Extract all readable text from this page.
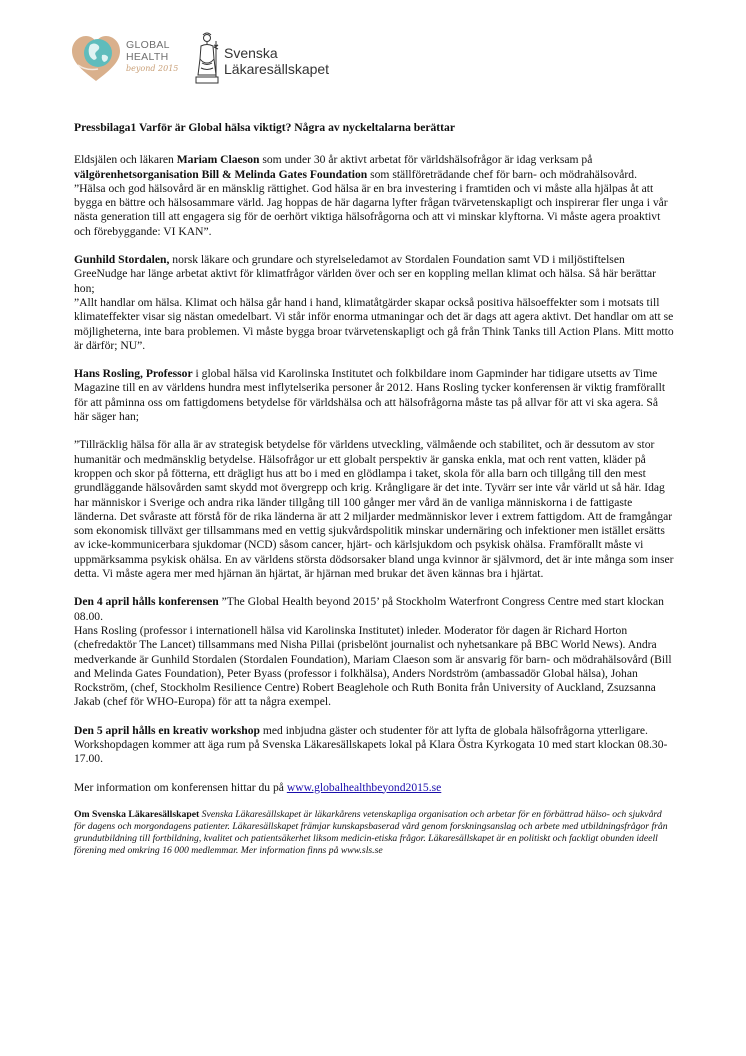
GLOBAL
HEALTH
beyond 2015
Svenska
Läkaresällskapet

Pressbilaga1 Varför är Global hälsa viktigt? Några av nyckeltalarna berättar

Eldsjälen och läkaren Mariam Claeson som under 30 år aktivt arbetat för världshälsofrågor är idag verksam på välgörenhetsorganisation Bill & Melinda Gates Foundation som ställföreträdande chef för barn- och mödrahälsovård.

”Hälsa och god hälsovård är en mänsklig rättighet. God hälsa är en bra investering i framtiden och vi måste alla hjälpas åt att bygga en bättre och hälsosammare värld. Jag hoppas de här dagarna lyfter frågan tvärvetenskapligt och inspirerar fler unga i vår nästa generation till att engagera sig för de oerhört viktiga hälsofrågorna och att vi minskar klyftorna. Vi måste agera proaktivt och förebyggande: VI KAN”.

Gunhild Stordalen, norsk läkare och grundare och styrelseledamot av Stordalen Foundation samt VD i miljöstiftelsen GreeNudge har länge arbetat aktivt för klimatfrågor världen över och ser en koppling mellan klimat och hälsa. Så här berättar hon;

”Allt handlar om hälsa. Klimat och hälsa går hand i hand, klimatåtgärder skapar också positiva hälsoeffekter som i motsats till klimateffekter visar sig nästan omedelbart. Vi står inför enorma utmaningar och det är dags att agera aktivt. Det handlar om att se möjligheterna, inte bara problemen. Vi måste bygga broar tvärvetenskapligt och gå från Think Tanks till Action Plans. Mitt motto är därför; NU”.

Hans Rosling, Professor i global hälsa vid Karolinska Institutet och folkbildare inom Gapminder har tidigare utsetts av Time Magazine till en av världens hundra mest inflytelserika personer år 2012. Hans Rosling tycker konferensen är viktig framförallt för att påminna oss om fattigdomens betydelse för världshälsa och att hälsofrågorna måste tas på allvar för att vi ska agera. Så här säger han;

”Tillräcklig hälsa för alla är av strategisk betydelse för världens utveckling, välmående och stabilitet, och är dessutom av stor humanitär och medmänsklig betydelse. Hälsofrågor ur ett globalt perspektiv är ganska enkla, mat och rent vatten, kläder på kroppen och skor på fötterna, ett drägligt hus att bo i med en glödlampa i taket, skola för alla barn och tillgång till den mest grundläggande hälsovården samt skydd mot övergrepp och krig. Krångligare är det inte. Tyvärr ser inte vår värld ut så här. Idag har människor i Sverige och andra rika länder tillgång till 100 gånger mer vård än de vanliga människorna i de fattigaste länderna. Det svåraste att förstå för de rika länderna är att 2 miljarder medmänniskor lever i extrem fattigdom. Att de framgångar som ekonomisk tillväxt ger tillsammans med en vettig sjukvårdspolitik minskar undernäring och infektioner men istället ersätts av icke-kommunicerbara sjukdomar (NCD) såsom cancer, hjärt- och kärlsjukdom och psykisk ohälsa. Framförallt måste vi uppmärksamma psykisk ohälsa. En av världens största dödsorsaker bland unga kvinnor är självmord, det är inte många som inser detta. Vi måste agera mer med hjärnan än hjärtat, är hjärnan med brukar det även kännas bra i hjärtat.

Den 4 april hålls konferensen ”The Global Health beyond 2015’ på Stockholm Waterfront Congress Centre med start klockan 08.00.

Hans Rosling (professor i internationell hälsa vid Karolinska Institutet) inleder. Moderator för dagen är Richard Horton (chefredaktör The Lancet) tillsammans med Nisha Pillai (prisbelönt journalist och nyhetsankare på BBC World News). Andra medverkande är Gunhild Stordalen (Stordalen Foundation), Mariam Claeson som är ansvarig för barn- och mödrahälsovård (Bill and Melinda Gates Foundation), Peter Byass (professor i folkhälsa), Anders Nordström (ambassadör Global hälsa), Johan Rockström, (chef, Stockholm Resilience Centre) Robert Beaglehole och Ruth Bonita från University of Auckland, Zsuzsanna Jakab (chef för WHO-Europa) för att ta några exempel.

Den 5 april hålls en kreativ workshop med inbjudna gäster och studenter för att lyfta de globala hälsofrågorna ytterligare. Workshopdagen kommer att äga rum på Svenska Läkaresällskapets lokal på Klara Östra Kyrkogata 10 med start klockan 08.30-17.00.

Mer information om konferensen hittar du på www.globalhealthbeyond2015.se

Om Svenska Läkaresällskapet Svenska Läkaresällskapet är läkarkårens vetenskapliga organisation och arbetar för en förbättrad hälso- och sjukvård för dagens och morgondagens patienter. Läkaresällskapet främjar kunskapsbaserad vård genom forskningsanslag och arbete med utbildningsfrågor från grundutbildning till fortbildning, kvalitet och patientsäkerhet liksom medicin-etiska frågor. Läkaresällskapet är en politiskt och fackligt obunden ideell förening med omkring 16 000 medlemmar. Mer information finns på www.sls.se
